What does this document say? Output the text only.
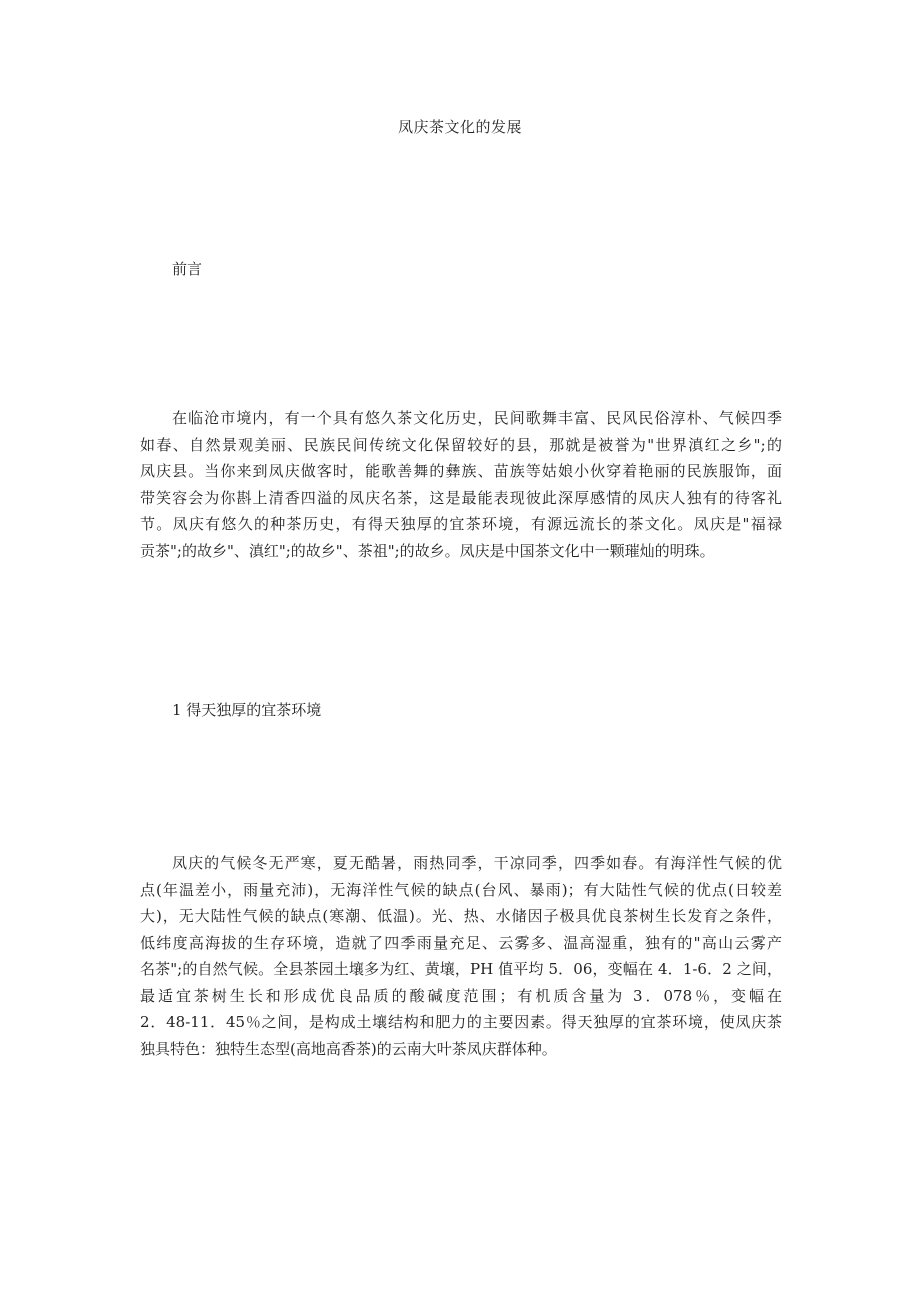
凤庆茶文化的发展
前言
在临沧市境内，有一个具有悠久茶文化历史，民间歌舞丰富、民风民俗淳朴、气候四季
如春、自然景观美丽、民族民间传统文化保留较好的县，那就是被誉为"世界滇红之乡";的
凤庆县。当你来到凤庆做客时，能歌善舞的彝族、苗族等姑娘小伙穿着艳丽的民族服饰，面
带笑容会为你斟上清香四溢的凤庆名茶，这是最能表现彼此深厚感情的凤庆人独有的待客礼
节。凤庆有悠久的种茶历史，有得天独厚的宜茶环境，有源远流长的茶文化。凤庆是"福禄
贡茶";的故乡"、滇红";的故乡"、茶祖";的故乡。凤庆是中国茶文化中一颗璀灿的明珠。
1 得天独厚的宜茶环境
凤庆的气候冬无严寒，夏无酷暑，雨热同季，干凉同季，四季如春。有海洋性气候的优
点(年温差小，雨量充沛)，无海洋性气候的缺点(台风、暴雨)；有大陆性气候的优点(日较差
大)，无大陆性气候的缺点(寒潮、低温)。光、热、水储因子极具优良茶树生长发育之条件，
低纬度高海拔的生存环境，造就了四季雨量充足、云雾多、温高湿重，独有的"高山云雾产
名茶";的自然气候。全县茶园土壤多为红、黄壤，PH 值平均 5．06，变幅在 4．1-6．2 之间，
最适宜茶树生长和形成优良品质的酸碱度范围；有机质含量为 3．078％，变幅在
2．48-11．45％之间，是构成土壤结构和肥力的主要因素。得天独厚的宜茶环境，使凤庆茶
独具特色：独特生态型(高地高香茶)的云南大叶茶凤庆群体种。
